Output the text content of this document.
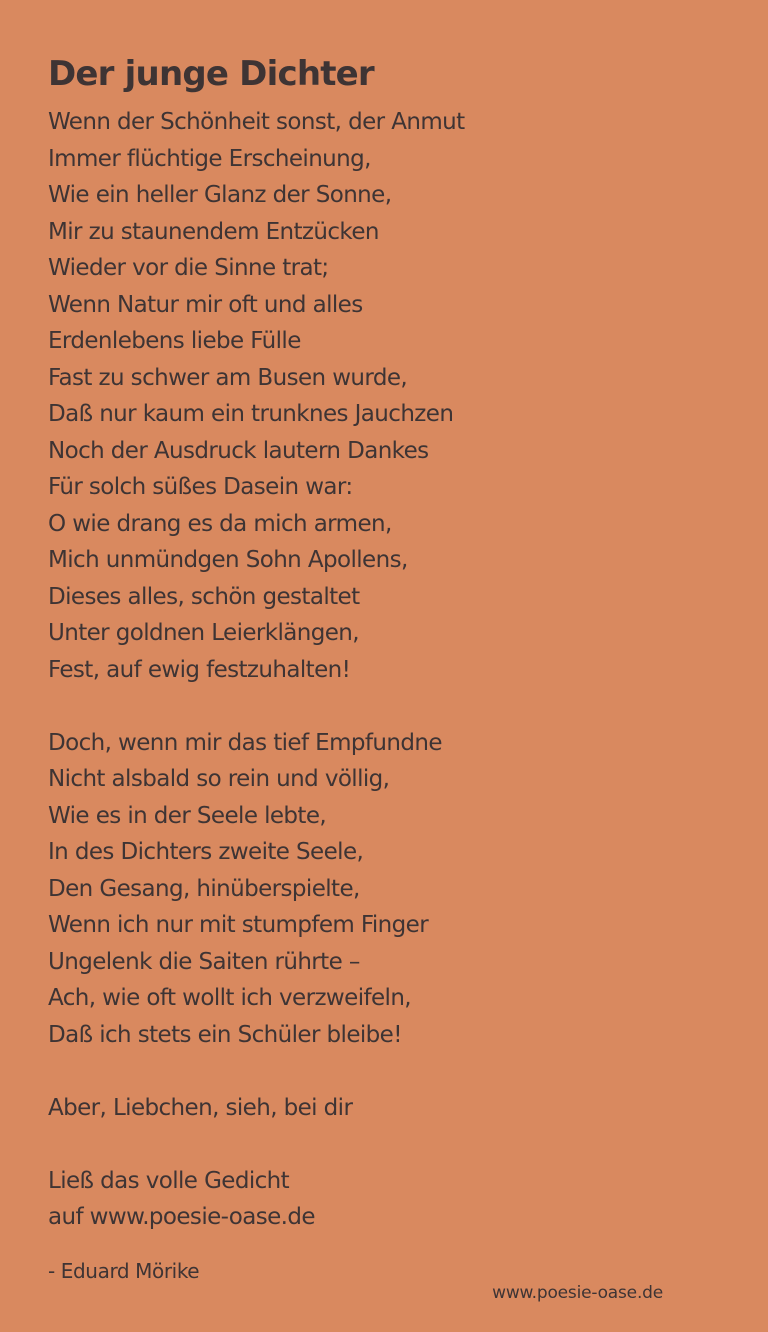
Der junge Dichter
Wenn der Schönheit sonst, der Anmut
Immer flüchtige Erscheinung,
Wie ein heller Glanz der Sonne,
Mir zu staunendem Entzücken
Wieder vor die Sinne trat;
Wenn Natur mir oft und alles
Erdenlebens liebe Fülle
Fast zu schwer am Busen wurde,
Daß nur kaum ein trunknes Jauchzen
Noch der Ausdruck lautern Dankes
Für solch süßes Dasein war:
O wie drang es da mich armen,
Mich unmündgen Sohn Apollens,
Dieses alles, schön gestaltet
Unter goldnen Leierklängen,
Fest, auf ewig festzuhalten!
Doch, wenn mir das tief Empfundne
Nicht alsbald so rein und völlig,
Wie es in der Seele lebte,
In des Dichters zweite Seele,
Den Gesang, hinüberspielte,
Wenn ich nur mit stumpfem Finger
Ungelenk die Saiten rührte –
Ach, wie oft wollt ich verzweifeln,
Daß ich stets ein Schüler bleibe!
Aber, Liebchen, sieh, bei dir
Ließ das volle Gedicht
auf www.poesie-oase.de
- Eduard Mörike
www.poesie-oase.de
